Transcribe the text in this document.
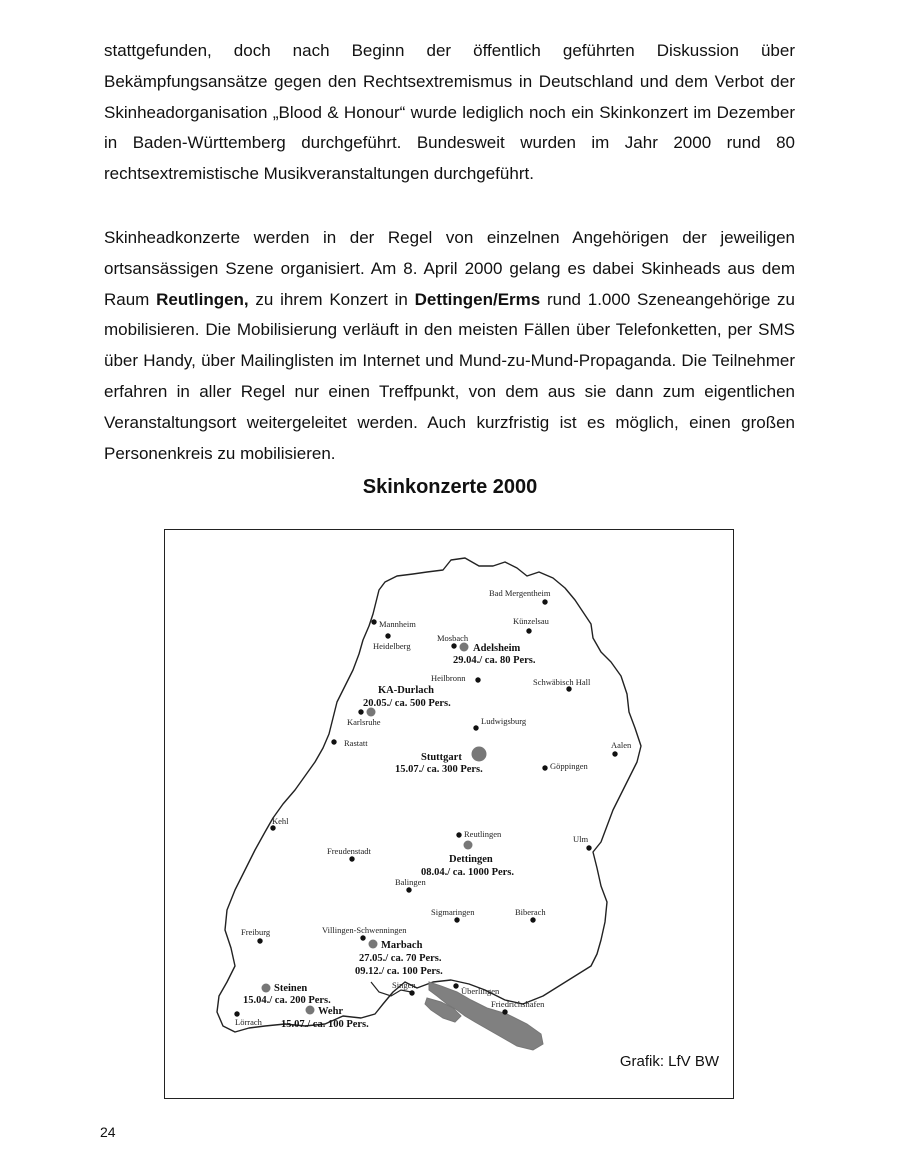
stattgefunden, doch nach Beginn der öffentlich geführten Diskussion über Bekämpfungsansätze gegen den Rechtsextremismus in Deutschland und dem Verbot der Skinheadorganisation „Blood & Honour“ wurde lediglich noch ein Skinkonzert im Dezember in Baden-Württemberg durchgeführt. Bundesweit wurden im Jahr 2000 rund 80 rechtsextremistische Musikveranstaltungen durchgeführt.

Skinheadkonzerte werden in der Regel von einzelnen Angehörigen der jeweiligen ortsansässigen Szene organisiert. Am 8. April 2000 gelang es dabei Skinheads aus dem Raum Reutlingen, zu ihrem Konzert in Dettingen/Erms rund 1.000 Szeneangehörige zu mobilisieren. Die Mobilisierung verläuft in den meisten Fällen über Telefonketten, per SMS über Handy, über Mailinglisten im Internet und Mund-zu-Mund-Propaganda. Die Teilnehmer erfahren in aller Regel nur einen Treffpunkt, von dem aus sie dann zum eigentlichen Veranstaltungsort weitergeleitet werden. Auch kurzfristig ist es möglich, einen großen Personenkreis zu mobilisieren.

Skinkonzerte 2000
Bad Mergentheim
Künzelsau
Mannheim
Heidelberg
Mosbach
Heilbronn	Schwäbisch Hall
Karlsruhe	Ludwigsburg
Rastatt	Aalen
Göppingen
Kehl
Reutlingen	Ulm
Freudenstadt
Balingen
Sigmaringen	Biberach
Freiburg	Villingen-Schwenningen
Singen
Überlingen
Friedrichshafen
Lörrach
Adelsheim
29.04./ ca. 80 Pers.
KA-Durlach
20.05./ ca. 500 Pers.
Stuttgart
15.07./ ca. 300 Pers.
Dettingen
08.04./ ca. 1000 Pers.
Marbach
27.05./ ca. 70 Pers.
09.12./ ca. 100 Pers.
Steinen
15.04./ ca. 200 Pers.
Wehr
15.07./ ca. 100 Pers.
Grafik: LfV BW
24
